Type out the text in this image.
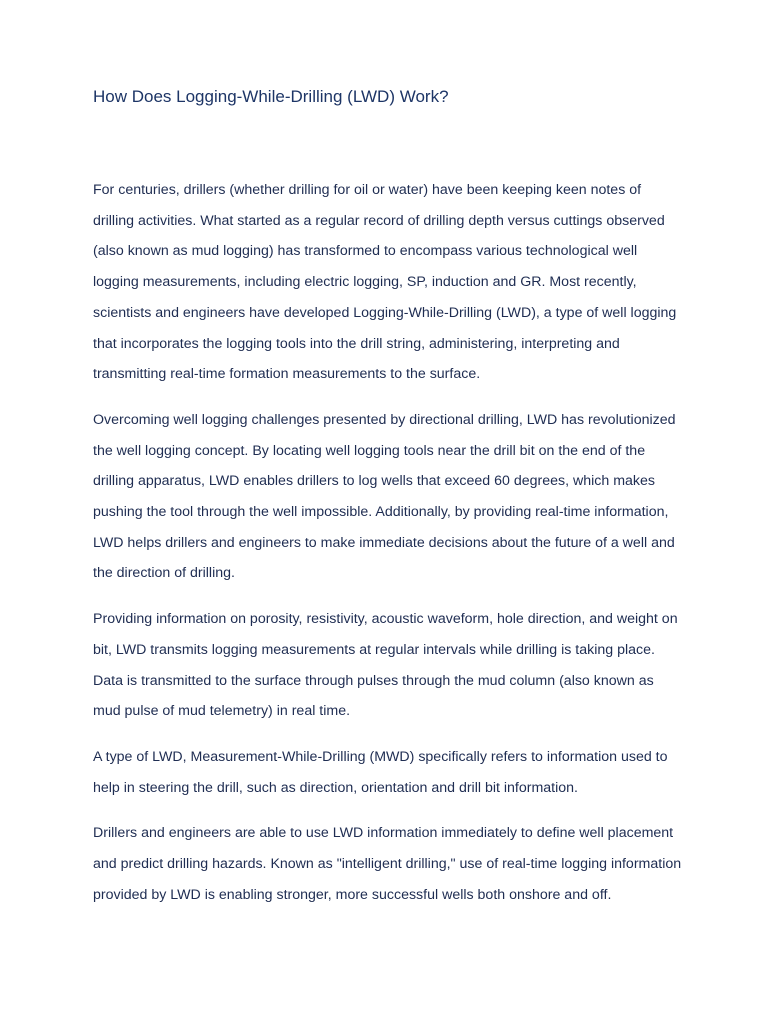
How Does Logging-While-Drilling (LWD) Work?

For centuries, drillers (whether drilling for oil or water) have been keeping keen notes of drilling activities. What started as a regular record of drilling depth versus cuttings observed (also known as mud logging) has transformed to encompass various technological well logging measurements, including electric logging, SP, induction and GR. Most recently, scientists and engineers have developed Logging-While-Drilling (LWD), a type of well logging that incorporates the logging tools into the drill string, administering, interpreting and transmitting real-time formation measurements to the surface.

Overcoming well logging challenges presented by directional drilling, LWD has revolutionized the well logging concept. By locating well logging tools near the drill bit on the end of the drilling apparatus, LWD enables drillers to log wells that exceed 60 degrees, which makes pushing the tool through the well impossible. Additionally, by providing real-time information, LWD helps drillers and engineers to make immediate decisions about the future of a well and the direction of drilling.

Providing information on porosity, resistivity, acoustic waveform, hole direction, and weight on bit, LWD transmits logging measurements at regular intervals while drilling is taking place. Data is transmitted to the surface through pulses through the mud column (also known as mud pulse of mud telemetry) in real time.

A type of LWD, Measurement-While-Drilling (MWD) specifically refers to information used to help in steering the drill, such as direction, orientation and drill bit information.

Drillers and engineers are able to use LWD information immediately to define well placement and predict drilling hazards. Known as "intelligent drilling," use of real-time logging information provided by LWD is enabling stronger, more successful wells both onshore and off.
